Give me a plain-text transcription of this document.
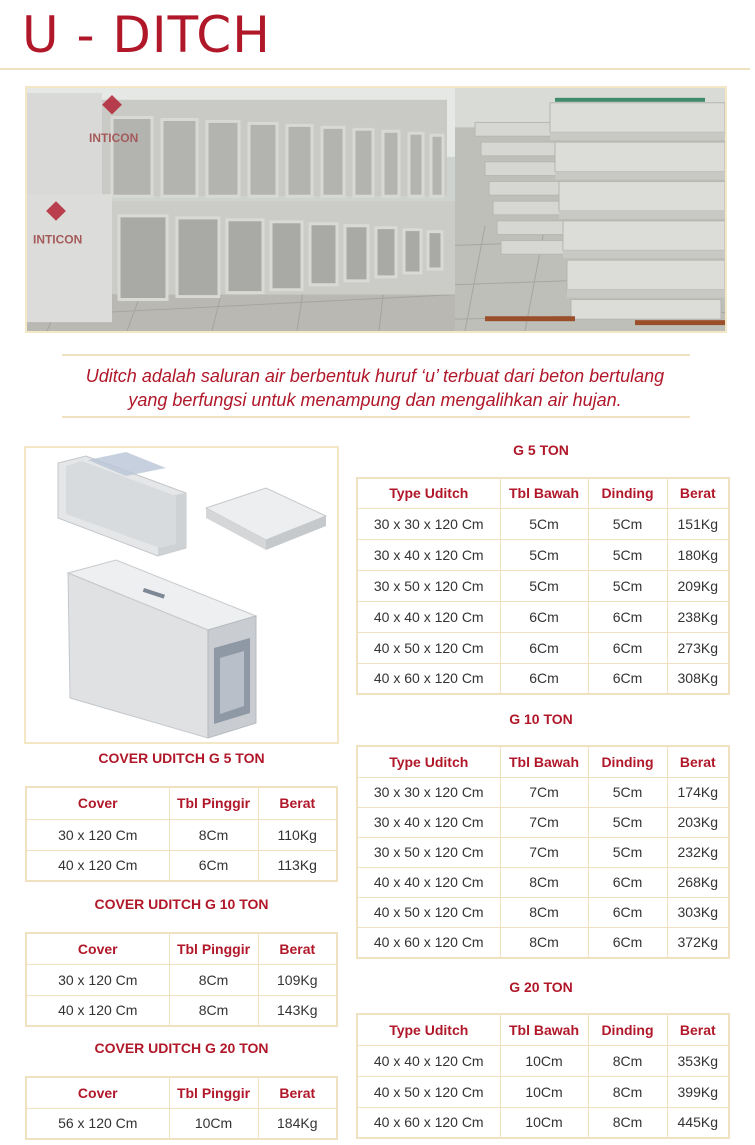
U - DITCH
INTICON
INTICON
Uditch adalah saluran air berbentuk huruf ‘u’ terbuat dari beton bertulang
yang berfungsi untuk menampung dan mengalihkan air hujan.
G 5 TON
G 10 TON
G 20 TON
Type Uditch	Tbl Bawah	Dinding	Berat
30 x 30 x 120 Cm	5Cm	5Cm	151Kg
30 x 40 x 120 Cm	5Cm	5Cm	180Kg
30 x 50 x 120 Cm	5Cm	5Cm	209Kg
40 x 40 x 120 Cm	6Cm	6Cm	238Kg
40 x 50 x 120 Cm	6Cm	6Cm	273Kg
40 x 60 x 120 Cm	6Cm	6Cm	308Kg
Type Uditch	Tbl Bawah	Dinding	Berat
30 x 30 x 120 Cm	7Cm	5Cm	174Kg
30 x 40 x 120 Cm	7Cm	5Cm	203Kg
30 x 50 x 120 Cm	7Cm	5Cm	232Kg
40 x 40 x 120 Cm	8Cm	6Cm	268Kg
40 x 50 x 120 Cm	8Cm	6Cm	303Kg
40 x 60 x 120 Cm	8Cm	6Cm	372Kg
Type Uditch	Tbl Bawah	Dinding	Berat
40 x 40 x 120 Cm	10Cm	8Cm	353Kg
40 x 50 x 120 Cm	10Cm	8Cm	399Kg
40 x 60 x 120 Cm	10Cm	8Cm	445Kg
COVER UDITCH G 5 TON
COVER UDITCH G 10 TON
COVER UDITCH G 20 TON
Cover	Tbl Pinggir	Berat
30 x 120 Cm	8Cm	110Kg
40 x 120 Cm	6Cm	113Kg
Cover	Tbl Pinggir	Berat
30 x 120 Cm	8Cm	109Kg
40 x 120 Cm	8Cm	143Kg
Cover	Tbl Pinggir	Berat
56 x 120 Cm	10Cm	184Kg
